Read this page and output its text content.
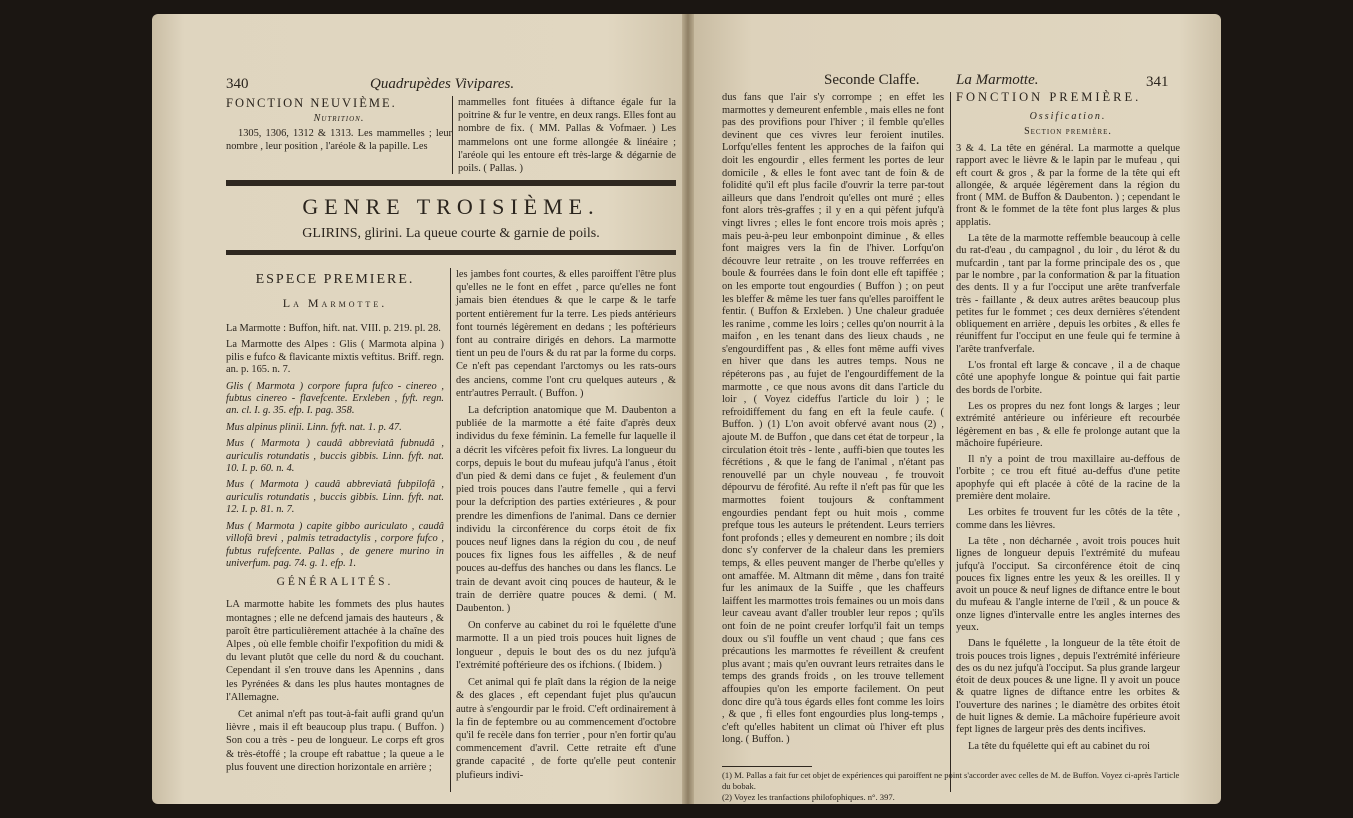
340	Quadrupèdes Vivipares.
FONCTION NEUVIÈME.
Nutrition.
1305, 1306, 1312 & 1313. Les mammelles ; leur nombre , leur position , l'aréole & la papille. Les
mammelles font fituées à diftance égale fur la poitrine & fur le ventre, en deux rangs. Elles font au nombre de fix. ( MM. Pallas & Vofmaer. ) Les mammelons ont une forme allongée & linéaire ; l'aréole qui les entoure eft très-large & dégarnie de poils. ( Pallas. )
GENRE TROISIÈME.
GLIRINS, glirini. La queue courte & garnie de poils.
ESPECE PREMIERE.
La Marmotte.

La Marmotte : Buffon, hift. nat. VIII. p. 219. pl. 28.

La Marmotte des Alpes : Glis ( Marmota alpina ) pilis e fufco & flavicante mixtis veftitus. Briff. regn. an. p. 165. n. 7.

Glis ( Marmota ) corpore fupra fufco - cinereo , fubtus cinereo - flavefcente. Erxleben , fyft. regn. an. cl. I. g. 35. efp. I. pag. 358.

Mus alpinus plinii. Linn. fyft. nat. 1. p. 47.

Mus ( Marmota ) caudâ abbreviatâ fubnudâ , auriculis rotundatis , buccis gibbis. Linn. fyft. nat. 10. I. p. 60. n. 4.

Mus ( Marmota ) caudâ abbreviatâ fubpilofâ , auriculis rotundatis , buccis gibbis. Linn. fyft. nat. 12. I. p. 81. n. 7.

Mus ( Marmota ) capite gibbo auriculato , caudâ villofâ brevi , palmis tetradactylis , corpore fufco , fubtus rufefcente. Pallas , de genere murino in univerfum. pag. 74. g. 1. efp. 1.

GÉNÉRALITÉS.

LA marmotte habite les fommets des plus hautes montagnes ; elle ne defcend jamais des hauteurs , & paroît être particulièrement attachée à la chaîne des Alpes , où elle femble choifir l'expofition du midi & du levant plutôt que celle du nord & du couchant. Cependant il s'en trouve dans les Apennins , dans les Pyrénées & dans les plus hautes montagnes de l'Allemagne.

Cet animal n'eft pas tout-à-fait aufli grand qu'un lièvre , mais il eft beaucoup plus trapu. ( Buffon. ) Son cou a très - peu de longueur. Le corps eft gros & très-étoffé ; la croupe eft rabattue ; la queue a le plus fouvent une direction horizontale en arrière ;

les jambes font courtes, & elles paroiffent l'être plus qu'elles ne le font en effet , parce qu'elles ne font jamais bien étendues & que le carpe & le tarfe portent entièrement fur la terre. Les pieds antérieurs font tournés légèrement en dedans ; les poftérieurs font au contraire dirigés en dehors. La marmotte tient un peu de l'ours & du rat par la forme du corps. Ce n'eft pas cependant l'arctomys ou les rats-ours des anciens, comme l'ont cru quelques auteurs , & entr'autres Perrault. ( Buffon. )

La defcription anatomique que M. Daubenton a publiée de la marmotte a été faite d'après deux individus du fexe féminin. La femelle fur laquelle il a décrit les vifcères pefoit fix livres. La longueur du corps, depuis le bout du mufeau jufqu'à l'anus , étoit d'un pied & demi dans ce fujet , & feulement d'un pied trois pouces dans l'autre femelle , qui a fervi pour la defcription des parties extérieures , & pour prendre les dimenfions de l'animal. Dans ce dernier individu la circonférence du corps étoit de fix pouces neuf lignes dans la région du cou , de neuf pouces fix lignes fous les aiffelles , & de neuf pouces au-deffus des hanches ou dans les flancs. Le train de devant avoit cinq pouces de hauteur, & le train de derrière quatre pouces & demi. ( M. Daubenton. )

On conferve au cabinet du roi le fquélette d'une marmotte. Il a un pied trois pouces huit lignes de longueur , depuis le bout des os du nez jufqu'à l'extrémité poftérieure des os ifchions. ( Ibidem. )

Cet animal qui fe plaît dans la région de la neige & des glaces , eft cependant fujet plus qu'aucun autre à s'engourdir par le froid. C'eft ordinairement à la fin de feptembre ou au commencement d'octobre qu'il fe recèle dans fon terrier , pour n'en fortir qu'au commencement d'avril. Cette retraite eft d'une grande capacité , de forte qu'elle peut contenir plufieurs indivi-

Seconde Claffe. La Marmotte.	341

dus fans que l'air s'y corrompe ; en effet les marmottes y demeurent enfemble , mais elles ne font pas des provifions pour l'hiver ; il femble qu'elles devinent que ces vivres leur feroient inutiles. Lorfqu'elles fentent les approches de la faifon qui doit les engourdir , elles ferment les portes de leur domicile , & elles le font avec tant de foin & de folidité qu'il eft plus facile d'ouvrir la terre par-tout ailleurs que dans l'endroit qu'elles ont muré ; elles font alors très-graffes ; il y en a qui pèfent jufqu'à vingt livres ; elles le font encore trois mois après ; mais peu-à-peu leur embonpoint diminue , & elles font maigres vers la fin de l'hiver. Lorfqu'on découvre leur retraite , on les trouve refferrées en boule & fourrées dans le foin dont elle eft tapiffée ; on les emporte tout engourdies ( Buffon ) ; on peut les bleffer & même les tuer fans qu'elles paroiffent le fentir. ( Buffon & Erxleben. ) Une chaleur graduée les ranime , comme les loirs ; celles qu'on nourrit à la maifon , en les tenant dans des lieux chauds , ne s'engourdiffent pas , & elles font même auffi vives en hiver que dans les autres temps. Nous ne répéterons pas , au fujet de l'engourdiffement de la marmotte , ce que nous avons dit dans l'article du loir , ( Voyez cideffus l'article du loir ) ; le refroidiffement du fang en eft la feule caufe. ( Buffon. ) (1) L'on avoit obfervé avant nous (2) , ajoute M. de Buffon , que dans cet état de torpeur , la circulation étoit très - lente , auffi-bien que toutes les fécrétions , & que le fang de l'animal , n'étant pas renouvellé par un chyle nouveau , fe trouvoit dépourvu de férofité. Au refte il n'eft pas fûr que les marmottes foient toujours & conftamment engourdies pendant fept ou huit mois , comme prefque tous les auteurs le prétendent. Leurs terriers font profonds ; elles y demeurent en nombre ; ils doit donc s'y conferver de la chaleur dans les premiers temps, & elles peuvent manger de l'herbe qu'elles y ont amaffée. M. Altmann dit même , dans fon traité fur les animaux de la Suiffe , que les chaffeurs laiffent les marmottes trois femaines ou un mois dans leur caveau avant d'aller troubler leur repos ; qu'ils ont foin de ne point creufer lorfqu'il fait un temps doux ou s'il fouffle un vent chaud ; que fans ces précautions les marmottes fe réveillent & creufent plus avant ; mais qu'en ouvrant leurs retraites dans le temps des grands froids , on les trouve tellement affoupies qu'on les emporte facilement. On peut donc dire qu'à tous égards elles font comme les loirs , & que , fi elles font engourdies plus long-temps , c'eft qu'elles habitent un climat où l'hiver eft plus long. ( Buffon. )

FONCTION PREMIÈRE.
Ossification.
Section première.

3 & 4. La tête en général. La marmotte a quelque rapport avec le lièvre & le lapin par le mufeau , qui eft court & gros , & par la forme de la tête qui eft allongée, & arquée légèrement dans la région du front ( MM. de Buffon & Daubenton. ) ; cependant le front & le fommet de la tête font plus larges & plus applatis.

La tête de la marmotte reffemble beaucoup à celle du rat-d'eau , du campagnol , du loir , du lérot & du mufcardin , tant par la forme principale des os , que par le nombre , par la conformation & par la fituation des dents. Il y a fur l'occiput une arête tranfverfale très - faillante , & deux autres arêtes beaucoup plus petites fur le fommet ; ces deux dernières s'étendent obliquement en arrière , depuis les orbites , & elles fe réuniffent fur l'occiput en une feule qui fe termine à l'arête tranfverfale.

L'os frontal eft large & concave , il a de chaque côté une apophyfe longue & pointue qui fait partie des bords de l'orbite.

Les os propres du nez font longs & larges ; leur extrémité antérieure ou inférieure eft recourbée légèrement en bas , & elle fe prolonge autant que la mâchoire fupérieure.

Il n'y a point de trou maxillaire au-deffous de l'orbite ; ce trou eft fitué au-deffus d'une petite apophyfe qui eft placée à côté de la racine de la première dent molaire.

Les orbites fe trouvent fur les côtés de la tête , comme dans les lièvres.

La tête , non décharnée , avoit trois pouces huit lignes de longueur depuis l'extrémité du mufeau jufqu'à l'occiput. Sa circonférence étoit de cinq pouces fix lignes entre les yeux & les oreilles. Il y avoit un pouce & neuf lignes de diftance entre le bout du mufeau & l'angle interne de l'œil , & un pouce & onze lignes d'intervalle entre les angles internes des yeux.

Dans le fquélette , la longueur de la tête étoit de trois pouces trois lignes , depuis l'extrémité inférieure des os du nez jufqu'à l'occiput. Sa plus grande largeur étoit de deux pouces & une ligne. Il y avoit un pouce & quatre lignes de diftance entre les orbites & l'ouverture des narines ; le diamètre des orbites étoit de huit lignes & demie. La mâchoire fupérieure avoit fept lignes de largeur près des dents incifives.

La tête du fquélette qui eft au cabinet du roi

(1) M. Pallas a fait fur cet objet de expériences qui paroiffent ne point s'accorder avec celles de M. de Buffon. Voyez ci-après l'article du bobak.
(2) Voyez les tranfactions philofophiques. n°. 397.
